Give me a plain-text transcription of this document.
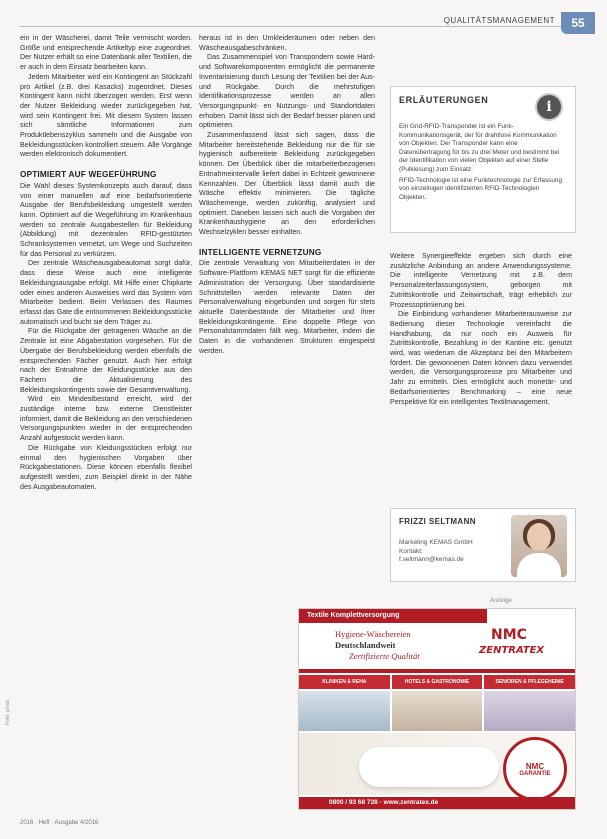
QUALITÄTSMANAGEMENT	55

ein in der Wäscherei, damit Teile vermischt worden. Größe und entsprechende Artikeltyp eine zugeordnet. Der Nutzer erhält so eine Datenbank aller Textilien, die er auch in dem Einsatz bearbeiten kann.

Jedem Mitarbeiter wird ein Kontingent an Stückzahl pro Artikel (z.B. drei Kasacks) zugeordnet. Dieses Kontingent kann nicht überzogen werden. Erst wenn der Nutzer Bekleidung wieder zurückgegeben hat, wird sein Kontingent frei. Mit diesem System lassen sich sämtliche Informationen zum Produktlebenszyklus sammeln und die Ausgabe von Bekleidungsstücken kontrolliert steuern. Alle Vorgänge werden elektronisch dokumentiert.

OPTIMIERT AUF WEGEFÜHRUNG

Die Wahl dieses Systemkonzepts auch darauf, dass von einer manuellen auf eine bedarfsorientierte Ausgabe der Berufsbekleidung umgestellt werden kann. Optimiert auf die Wegeführung im Krankenhaus werden so zentrale Ausgabestellen für Bekleidung (Abbildung) mit dezentralen RFID-gestützten Schranksystemen vernetzt, um Wege und Suchzeiten für das Personal zu verkürzen.

Der zentrale Wäscheausgabeautomat sorgt dafür, dass diese Weise auch eine intelligente Bekleidungsausgabe erfolgt. Mit Hilfe einer Chipkarte oder eines anderen Ausweises wird das System vom Mitarbeiter bedient. Beim Verlassen des Raumes erfasst das Gate die entnommenen Bekleidungsstücke automatisch und bucht sie dem Träger zu.

Für die Rückgabe der getragenen Wäsche an die Zentrale ist eine Abgabestation vorgesehen. Für die Übergabe der Berufsbekleidung werden ebenfalls die entsprechenden Fächer genutzt. Auch hier erfolgt nach der Entnahme der Kleidungsstücke aus den Fächern die Aktualisierung des Bekleidungskontingents sowie der Gesamtverwaltung.

Wird ein Mindestbestand erreicht, wird der zuständige interne bzw. externe Dienstleister informiert, damit die Bekleidung an den verschiedenen Versorgungspunkten wieder in der entsprechenden Anzahl aufgestockt werden kann.

Die Rückgabe von Kleidungsstücken erfolgt nur einmal den hygienischen Vorgaben über Rückgabestationen. Diese können ebenfalls flexibel aufgestellt werden, zum Beispiel direkt in der Nähe des Ausgabeautomaten.

heraus ist in den Umkleideräumen oder neben den Wäscheausgabeschränken.

Das Zusammenspiel von Transpondern sowie Hard- und Softwarekomponenten ermöglicht die permanente Inventarisierung durch Lesung der Textilien bei der Aus- und Rückgabe. Durch die mehrstufigen Identifikationsprozesse werden an allen Versorgungspunkt- en Nutzungs- und Standortdaten erhoben. Damit lässt sich der Bedarf besser planen und optimieren.

Zusammenfassend lässt sich sagen, dass die Mitarbeiter bereitstehende Bekleidung nur die für sie hygienisch aufbereitete Bekleidung zurückgegeben können. Der Überblick über die mitarbeiterbezogenen Entnahmeintervalle liefert dabei in Echtzeit gewonnene Kennzahlen. Der Überblick lässt damit auch die Wäsche effektiv minimieren. Die tägliche Wäschemenge, werden zukünftig, analysiert und optimiert. Daneben lassen sich auch die Vorgaben der Krankenhaushygiene an den erforderlichen Wechselzyklen besser einhalten.

INTELLIGENTE VERNETZUNG

Die zentrale Verwaltung von Mitarbeiterdaten in der Software-Plattform KEMAS NET sorgt für die effiziente Administration der Versorgung. Über standardisierte Schnittstellen werden relevante Daten der Personalverwaltung eingebunden und sorgen für stets aktuelle Datenbestände der Mitarbeiter und ihrer Bekleidungskontingente. Eine doppelte Pflege von Personalstammdaten fällt weg. Mitarbeiter, indem die Daten in die vorhandenen Strukturen eingespeist werden.

ERLÄUTERUNGEN	i

Ein Grid-RFID-Transponder ist ein Funk-Kommunikationsgerät, der für drahtlose Kommunikation von Objekten. Der Transponder kann eine Datenübertragung für bis zu drei Meter und bestimmt bei der Identifikation von vielen Objekten auf einer Stelle (Pulklesung) zum Einsatz.

RFID-Technologie ist eine Funktechnologie zur Erfassung von einzelnigen identifizierten RFID-Technologien Objekten.

Weitere Synergieeffekte ergeben sich durch eine zusätzliche Anbindung an andere Anwendungssysteme. Die intelligente Vernetzung mit z.B. dem Personalzeiterfassungssystem, geborgen mit Zutrittskontrolle und Zeitwirtschaft, trägt erheblich zur Prozessoptimierung bei.

Die Einbindung vorhandener Mitarbeiterausweise zur Bedienung dieser Technologie vereinfacht die Handhabung, da nur noch ein Ausweis für Zutrittskontrolle, Bezahlung in der Kantine etc. genutzt wird, was wiederum die Akzeptanz bei den Mitarbeitern fördert. Die gewonnenen Daten können dazu verwendet werden, die Versorgungsprozesse pro Mitarbeiter und Jahr zu ermitteln. Dies ermöglicht auch monetär- und Bedarfsorientiertes Benchmarking – eine neue Perspektive für ein intelligentes Textilmanagement.

FRIZZI SELTMANN
Marketing KEMAS GmbH
Kontakt:
f.seltmann@kemas.de
Anzeige
Textile Komplettversorgung
Hygiene-Wäschereien
Deutschlandweit
Zertifizierte Qualität
NMC
ZENTRATEX
KLINIKEN & REHA	HOTELS & GASTRONOMIE	SENIOREN & PFLEGEHEIME
NMC
GARANTIE
0800 / 93 68 728 · www.zentratex.de
Foto: privat
2016 · Heft · Ausgabe 4/2016
